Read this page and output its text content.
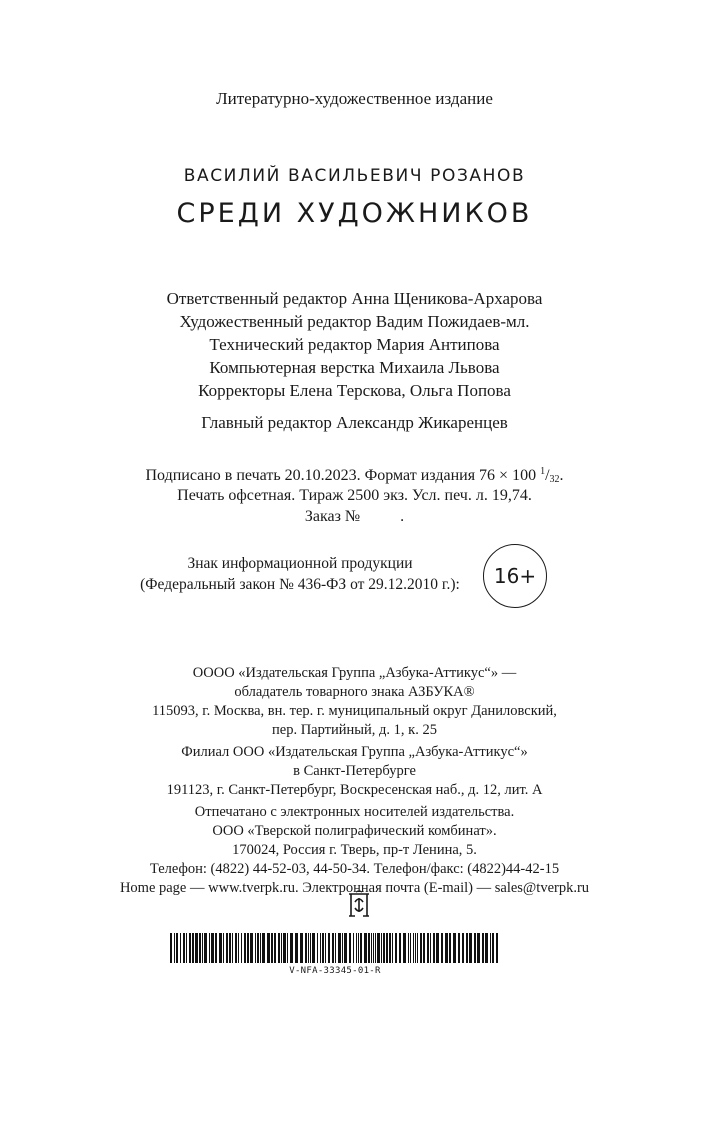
Литературно-художественное издание
ВАСИЛИЙ ВАСИЛЬЕВИЧ РОЗАНОВ
СРЕДИ ХУДОЖНИКОВ
Ответственный редактор Анна Щеникова-Архарова
Художественный редактор Вадим Пожидаев-мл.
Технический редактор Мария Антипова
Компьютерная верстка Михаила Львова
Корректоры Елена Терскова, Ольга Попова
Главный редактор Александр Жикаренцев
Подписано в печать 20.10.2023. Формат издания 76 × 100 $^1/_{32}$.
Печать офсетная. Тираж 2500 экз. Усл. печ. л. 19,74.
Заказ №	.
Знак информационной продукции
(Федеральный закон № 436-ФЗ от 29.12.2010 г.):	16+
ОООО «Издательская Группа „Азбука-Аттикус“» —
обладатель товарного знака АЗБУКА®
115093, г. Москва, вн. тер. г. муниципальный округ Даниловский,
пер. Партийный, д. 1, к. 25
Филиал ООО «Издательская Группа „Азбука-Аттикус“»
в Санкт-Петербурге
191123, г. Санкт-Петербург, Воскресенская наб., д. 12, лит. А
Отпечатано с электронных носителей издательства.
ООО «Тверской полиграфический комбинат».
170024, Россия г. Тверь, пр-т Ленина, 5.
Телефон: (4822) 44-52-03, 44-50-34. Телефон/факс: (4822)44-42-15
Home page — www.tverpk.ru. Электронная почта (E-mail) — sales@tverpk.ru
V-NFA-33345-01-R
